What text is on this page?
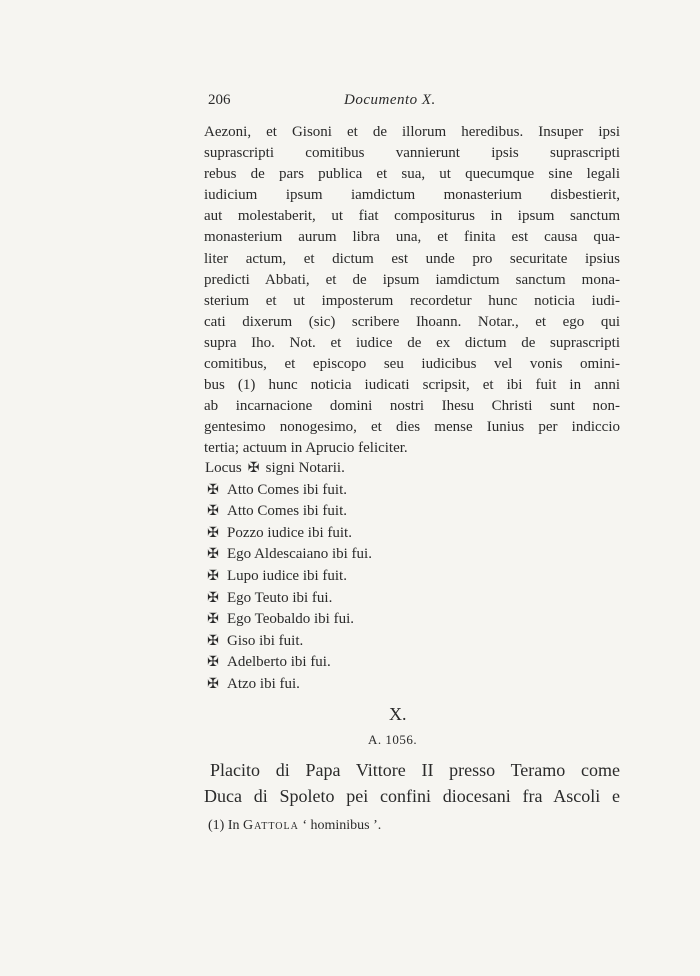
206	Documento X.
Aezoni, et Gisoni et de illorum heredibus. Insuper ipsi
suprascripti comitibus vannierunt ipsis suprascripti
rebus de pars publica et sua, ut quecumque sine legali
iudicium ipsum iamdictum monasterium disbestierit,
aut molestaberit, ut fiat compositurus in ipsum sanctum
monasterium aurum libra una, et finita est causa qua-
liter actum, et dictum est unde pro securitate ipsius
predicti Abbati, et de ipsum iamdictum sanctum mona-
sterium et ut imposterum recordetur hunc noticia iudi-
cati dixerum (sic) scribere Ihoann. Notar., et ego qui
supra Iho. Not. et iudice de ex dictum de suprascripti
comitibus, et episcopo seu iudicibus vel vonis omini-
bus (1) hunc noticia iudicati scripsit, et ibi fuit in anni
ab incarnacione domini nostri Ihesu Christi sunt non-
gentesimo nonogesimo, et dies mense Iunius per indiccio
tertia; actuum in Aprucio feliciter.
Locus ✠ signi Notarii.
✠ Atto Comes ibi fuit.
✠ Atto Comes ibi fuit.
✠ Pozzo iudice ibi fuit.
✠ Ego Aldescaiano ibi fui.
✠ Lupo iudice ibi fuit.
✠ Ego Teuto ibi fui.
✠ Ego Teobaldo ibi fui.
✠ Giso ibi fuit.
✠ Adelberto ibi fui.
✠ Atzo ibi fui.
X.
A. 1056.
Placito di Papa Vittore II presso Teramo come
Duca di Spoleto pei confini diocesani fra Ascoli e
(1) In Gattola ‘ hominibus ’.
